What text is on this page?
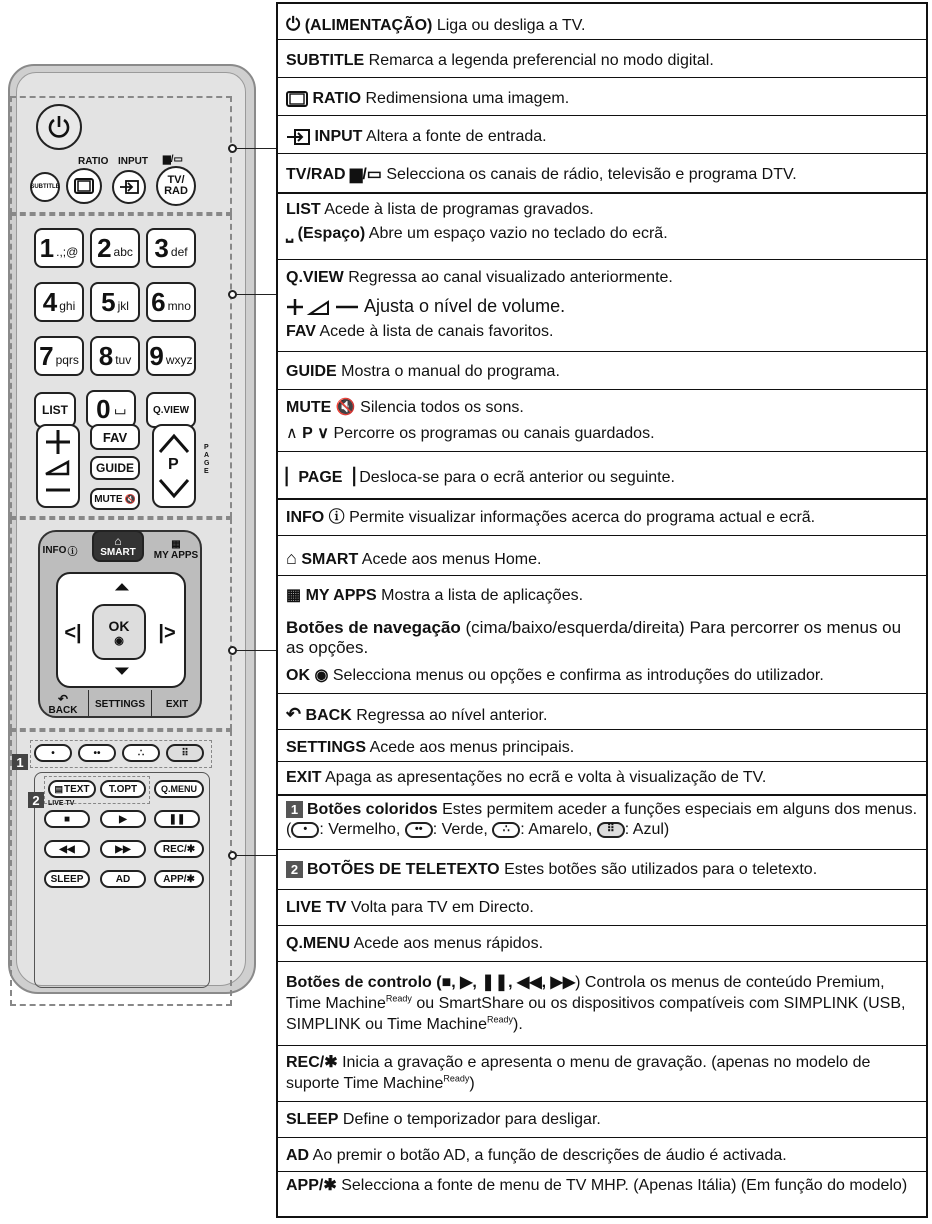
RATIO INPUT ▆/▭
SUBTITLE
TV/
RAD
LIST 0 ⌴	Q.VIEW
FAV
GUIDE
MUTE 🔇
P
PAGE
INFO ⓘ
⌂
SMART
▦
MY APPS
⏶
⏷
<|	|>
OK
◉
↶
BACK
SETTINGS EXIT
1
•	••	∴	⠿
2
▤ TEXT T.OPT	Q.MENU
LIVE TV
■	▶	❚❚
◀◀	▶▶	REC/✱
SLEEP	AD	APP/✱
1 .,;@ 2 abc 3 def
4 ghi 5 jkl 6 mno
7 pqrs 8 tuv 9 wxyz
⏻ (ALIMENTAÇÃO) Liga ou desliga a TV.
SUBTITLE Remarca a legenda preferencial no modo digital.
RATIO Redimensiona uma imagem.
INPUT Altera a fonte de entrada.
TV/RAD ▆/▭ Selecciona os canais de rádio, televisão e programa DTV.
LIST Acede à lista de programas gravados.
⎵ (Espaço) Abre um espaço vazio no teclado do ecrã.
Q.VIEW Regressa ao canal visualizado anteriormente.
Ajusta o nível de volume.
FAV Acede à lista de canais favoritos.
GUIDE Mostra o manual do programa.
MUTE 🔇 Silencia todos os sons.
∧ P ∨ Percorre os programas ou canais guardados.
▏PAGE▕ Desloca-se para o ecrã anterior ou seguinte.
INFO ⓘ Permite visualizar informações acerca do programa actual e ecrã.
⌂ SMART Acede aos menus Home.
▦ MY APPS Mostra a lista de aplicações.
Botões de navegação (cima/baixo/esquerda/direita) Para percorrer os menus ou as opções.
OK ◉ Selecciona menus ou opções e confirma as introduções do utilizador.
↶ BACK Regressa ao nível anterior.
SETTINGS Acede aos menus principais.
EXIT Apaga as apresentações no ecrã e volta à visualização de TV.
1 Botões coloridos Estes permitem aceder a funções especiais em alguns dos menus. ( • : Vermelho, •• : Verde, ∴ : Amarelo, ⠿ : Azul)
2 BOTÕES DE TELETEXTO Estes botões são utilizados para o teletexto.
LIVE TV Volta para TV em Directo.
Q.MENU Acede aos menus rápidos.
Botões de controlo (■, ▶, ❚❚, ◀◀, ▶▶) Controla os menus de conteúdo Premium, Time Machine$^{Ready}$ ou SmartShare ou os dispositivos compatíveis com SIMPLINK (USB, SIMPLINK ou Time Machine$^{Ready}$).
REC/✱ Inicia a gravação e apresenta o menu de gravação. (apenas no modelo de suporte Time Machine$^{Ready}$)
SLEEP Define o temporizador para desligar.
AD Ao premir o botão AD, a função de descrições de áudio é activada.
APP/✱ Selecciona a fonte de menu de TV MHP. (Apenas Itália) (Em função do modelo)
